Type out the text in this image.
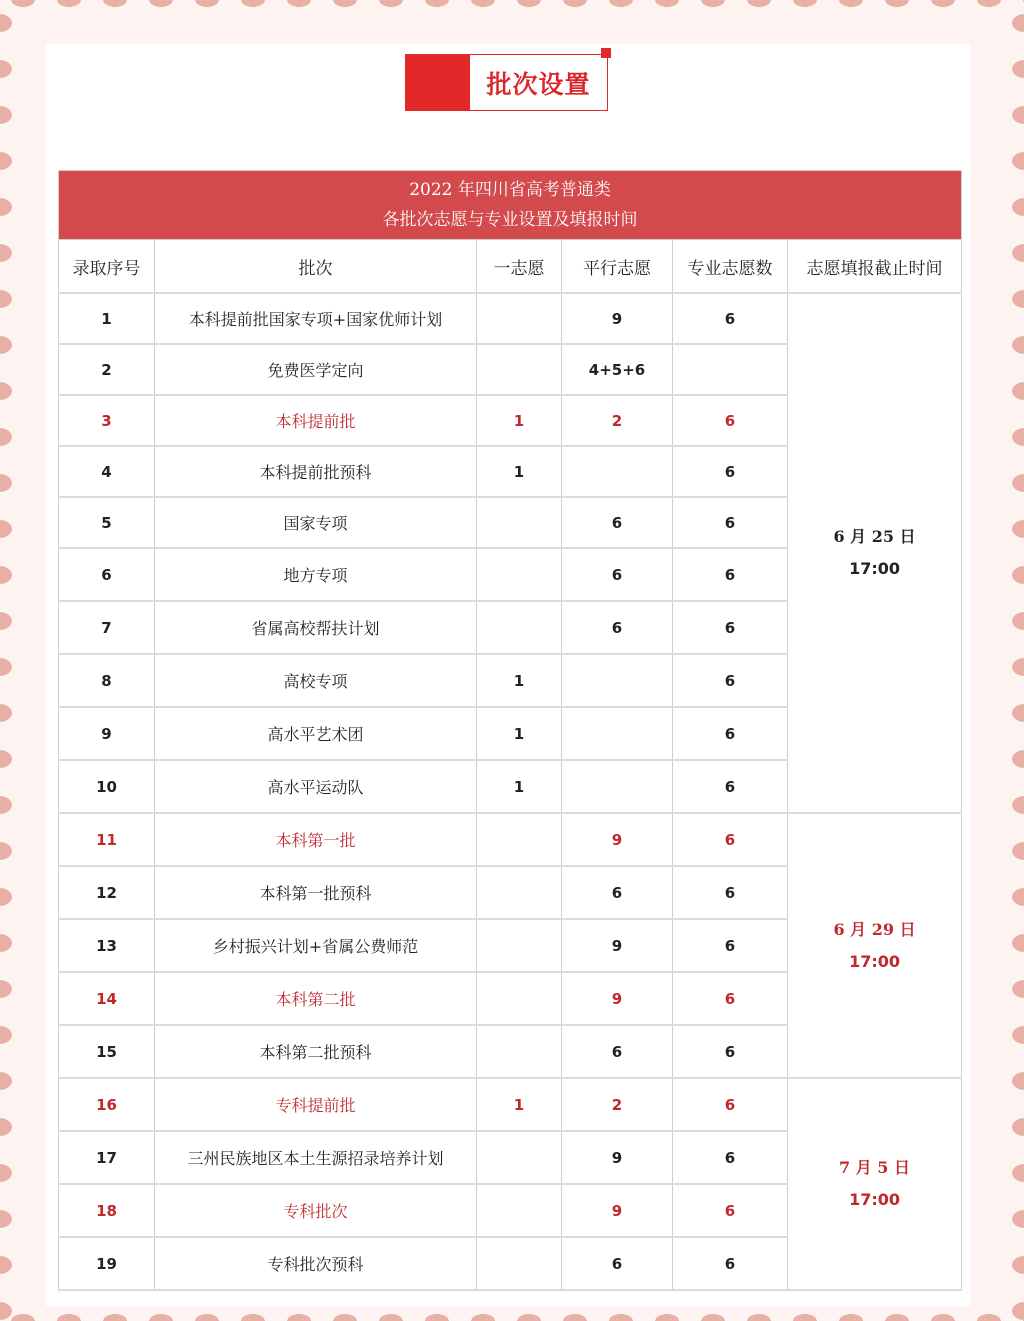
批次设置
2022 年四川省高考普通类
各批次志愿与专业设置及填报时间					

录取序号	批次	一志愿	平行志愿	专业志愿数	志愿填报截止时间
1	本科提前批国家专项+国家优师计划		9	6	6 月 25 日
17:00

2	免费医学定向		4+5+6		
3	本科提前批	1	2	6	
4	本科提前批预科	1		6	
5	国家专项		6	6	
6	地方专项		6	6	
7	省属高校帮扶计划		6	6	
8	高校专项	1		6	
9	高水平艺术团	1		6	
10	高水平运动队	1		6	
11	本科第一批		9	6	6 月 29 日
17:00

12	本科第一批预科		6	6	
13	乡村振兴计划+省属公费师范		9	6	
14	本科第二批		9	6	
15	本科第二批预科		6	6	
16	专科提前批	1	2	6	7 月 5 日
17:00

17	三州民族地区本土生源招录培养计划		9	6	
18	专科批次		9	6	
19	专科批次预科		6	6	
